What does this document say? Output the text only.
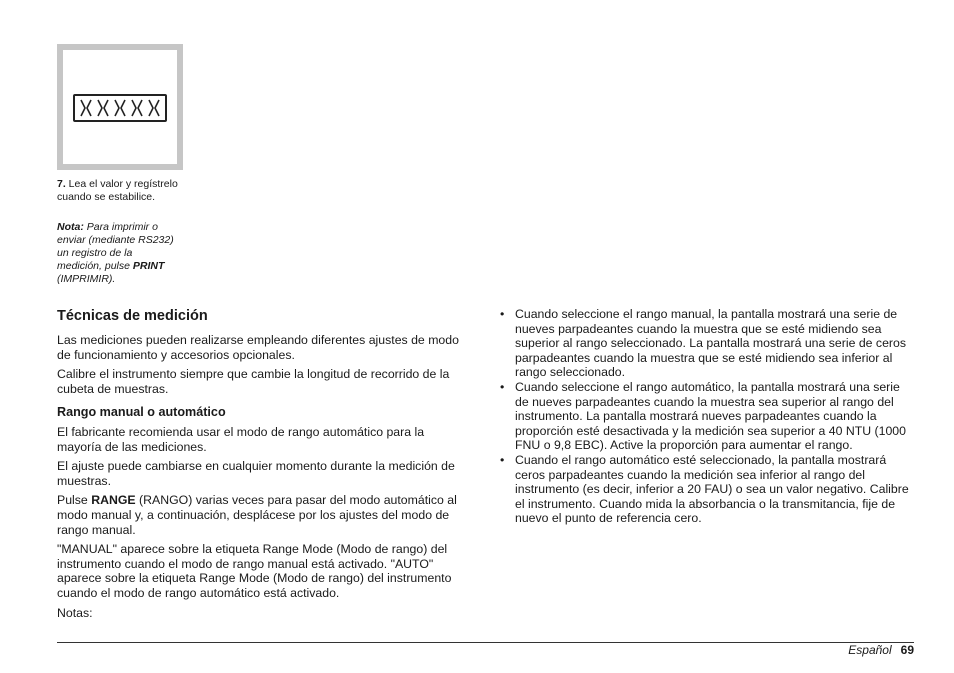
7. Lea el valor y regístrelo cuando se estabilice.
Nota: Para imprimir o enviar (mediante RS232) un registro de la medición, pulse PRINT (IMPRIMIR).
Técnicas de medición

Las mediciones pueden realizarse empleando diferentes ajustes de modo de funcionamiento y accesorios opcionales.

Calibre el instrumento siempre que cambie la longitud de recorrido de la cubeta de muestras.

Rango manual o automático

El fabricante recomienda usar el modo de rango automático para la mayoría de las mediciones.

El ajuste puede cambiarse en cualquier momento durante la medición de muestras.

Pulse RANGE (RANGO) varias veces para pasar del modo automático al modo manual y, a continuación, desplácese por los ajustes del modo de rango manual.

"MANUAL" aparece sobre la etiqueta Range Mode (Modo de rango) del instrumento cuando el modo de rango manual está activado. "AUTO" aparece sobre la etiqueta Range Mode (Modo de rango) del instrumento cuando el modo de rango automático está activado.

Notas:

• Cuando seleccione el rango manual, la pantalla mostrará una serie de nueves parpadeantes cuando la muestra que se esté midiendo sea superior al rango seleccionado. La pantalla mostrará una serie de ceros parpadeantes cuando la muestra que se esté midiendo sea inferior al rango seleccionado.
• Cuando seleccione el rango automático, la pantalla mostrará una serie de nueves parpadeantes cuando la muestra sea superior al rango del instrumento. La pantalla mostrará nueves parpadeantes cuando la proporción esté desactivada y la medición sea superior a 40 NTU (1000 FNU o 9,8 EBC). Active la proporción para aumentar el rango.
• Cuando el rango automático esté seleccionado, la pantalla mostrará ceros parpadeantes cuando la medición sea inferior al rango del instrumento (es decir, inferior a 20 FAU) o sea un valor negativo. Calibre el instrumento. Cuando mida la absorbancia o la transmitancia, fije de nuevo el punto de referencia cero.
Español 69
